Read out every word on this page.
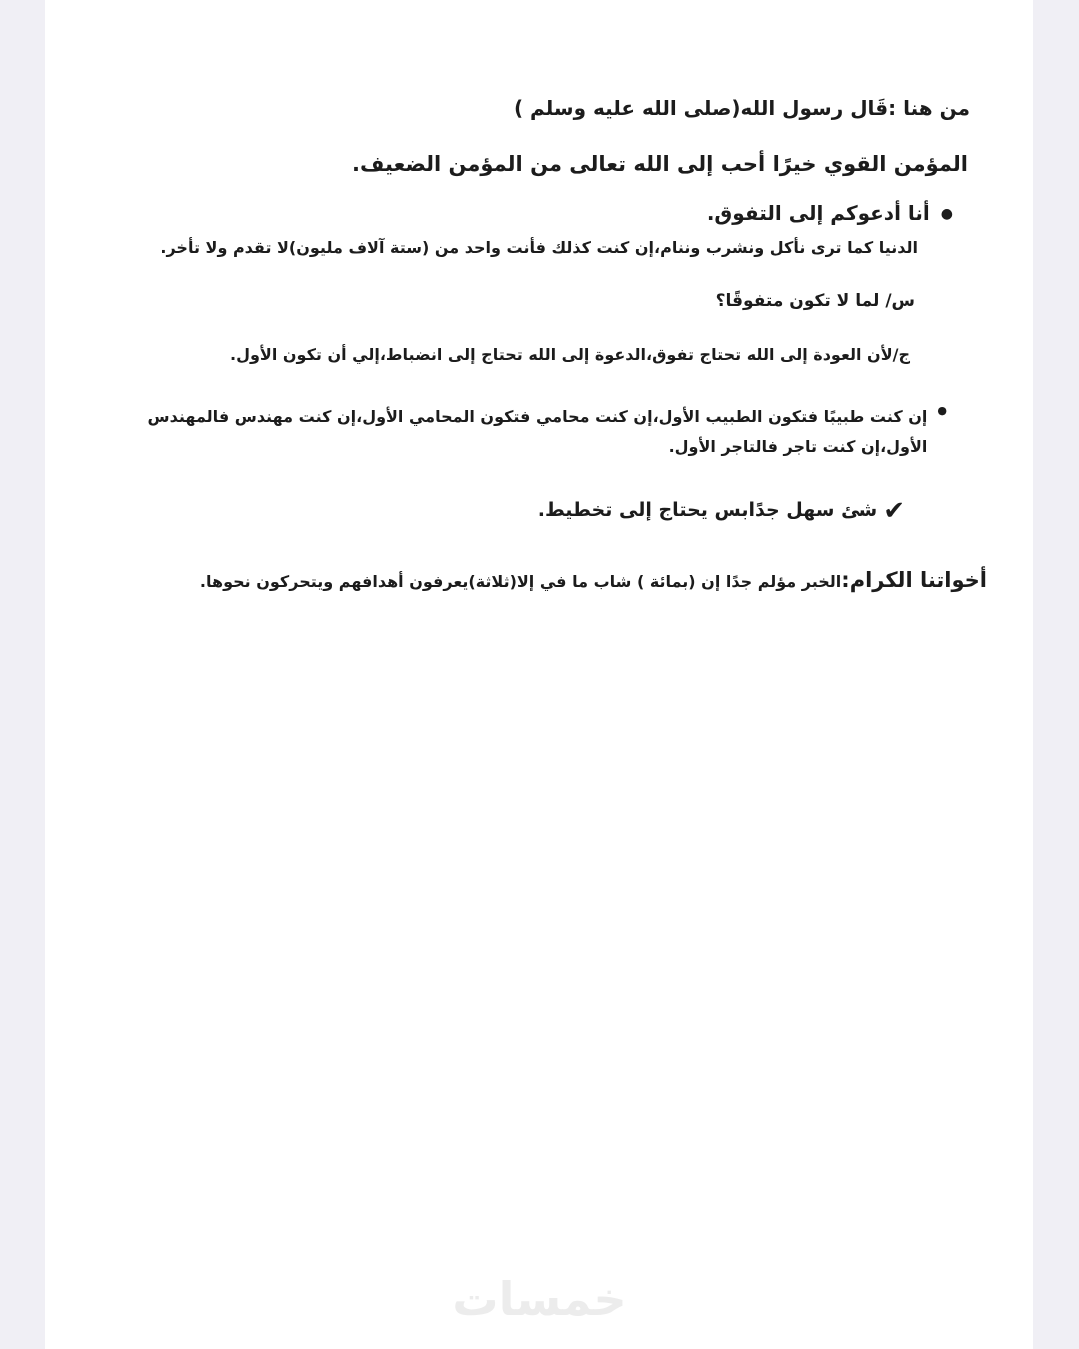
من هنا :قَال رسول الله(صلى الله عليه وسلم )
المؤمن القوي خيرًا أحب إلى الله تعالى من المؤمن الضعيف.
●أنا أدعوكم إلى التفوق.
الدنيا كما ترى نأكل ونشرب وننام،إن كنت كذلك فأنت واحد من (ستة آلاف مليون)لا تقدم ولا تأخر.
س/ لما لا تكون متفوقًا؟
ج/لأن العودة إلى الله تحتاج تفوق،الدعوة إلى الله تحتاج إلى انضباط،إلي أن تكون الأول.
●إن كنت طبيبًا فتكون الطبيب الأول،إن كنت محامي فتكون المحامي الأول،إن كنت مهندس فالمهندس الأول،إن كنت تاجر فالتاجر الأول.
✔شئ سهل جدًابس يحتاج إلى تخطيط.
أخواتنا الكرام:الخبر مؤلم جدًا إن (بمائة ) شاب ما في إلا(ثلاثة)يعرفون أهدافهم ويتحركون نحوها.
خمسات
